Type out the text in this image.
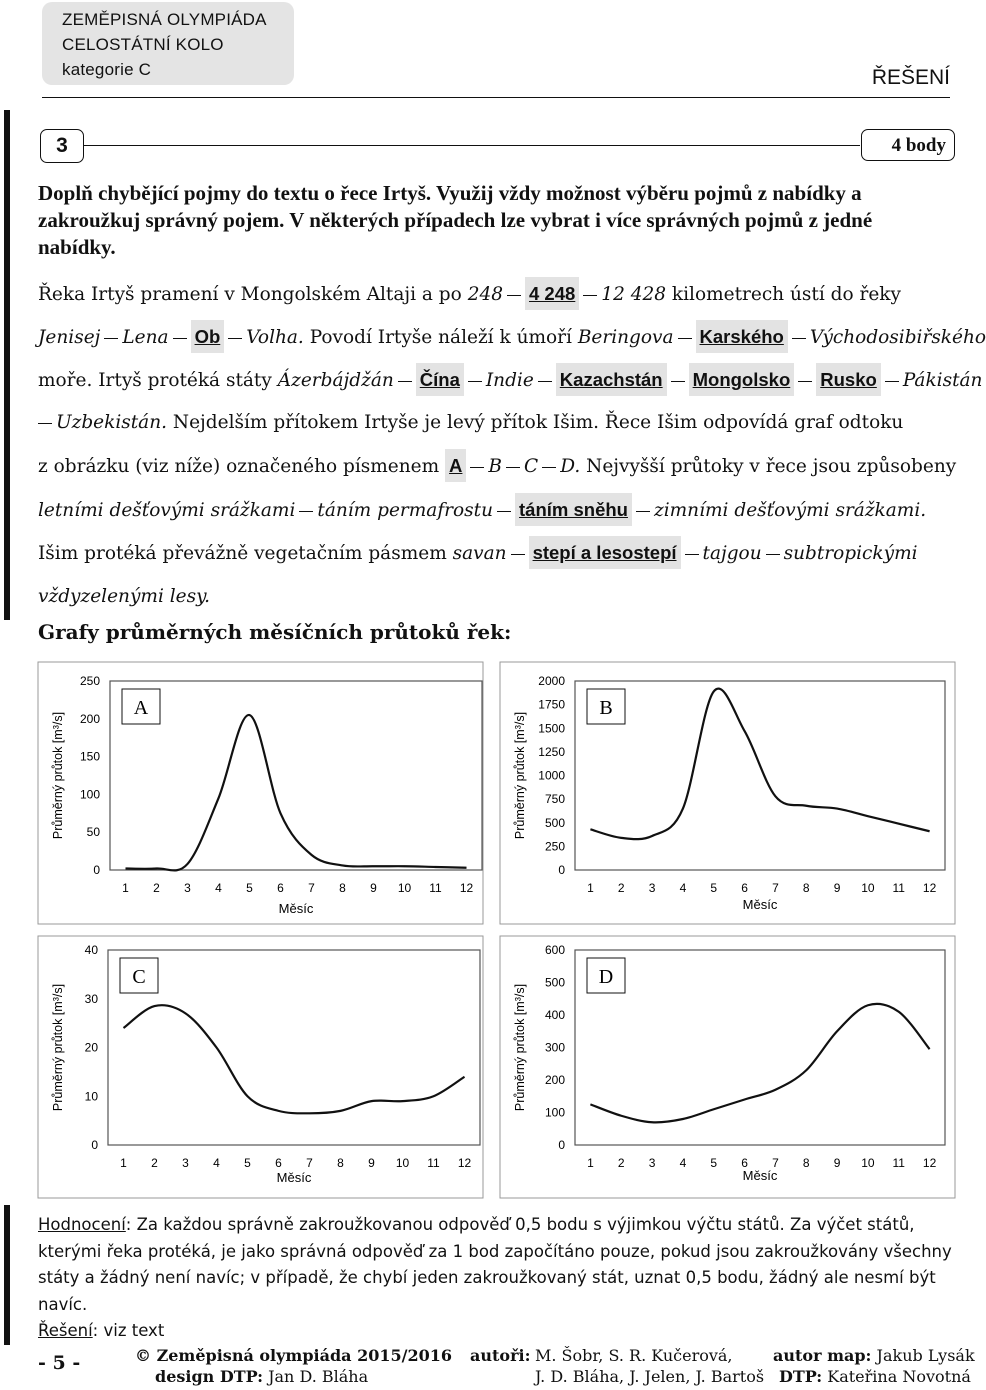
ZEMĚPISNÁ OLYMPIÁDA
CELOSTÁTNÍ KOLO
kategorie C	ŘEŠENÍ
3	4 body
Doplň chybějící pojmy do textu o řece Irtyš. Využij vždy možnost výběru pojmů z nabídky a zakroužkuj správný pojem. V některých případech lze vybrat i více správných pojmů z jedné nabídky.
Řeka Irtyš pramení v Mongolském Altaji a po 248 4 248 12 428 kilometrech ústí do řeky
Jenisej Lena Ob Volha. Povodí Irtyše náleží k úmoří Beringova Karského Východosibiřského
moře. Irtyš protéká státy Ázerbájdžán Čína Indie Kazachstán Mongolsko Rusko Pákistán
Uzbekistán. Nejdelším přítokem Irtyše je levý přítok Išim. Řece Išim odpovídá graf odtoku
z obrázku (viz níže) označeného písmenem A B C D. Nejvyšší průtoky v řece jsou způsobeny
letními dešťovými srážkami táním permafrostu táním sněhu zimními dešťovými srážkami.
Išim protéká převážně vegetačním pásmem savan stepí a lesostepí tajgou subtropickými
vždyzelenými lesy.
Grafy průměrných měsíčních průtoků řek:
0
50
100
150
200
250
1 2 3 4 5 6 7 8 9 10 11 12
Měsíc
Průměrný průtok [m³/s]
A
0
250
500
750
1000
1250
1500
1750
2000
1 2 3 4 5 6 7 8 9 10 11 12
Měsíc
Průměrný průtok [m³/s]
B
0
10
20
30
40
1 2 3 4 5 6 7 8 9 10 11 12
Měsíc
Průměrný průtok [m³/s]
C
0
100
200
300
400
500
600
1 2 3 4 5 6 7 8 9 10 11 12
Měsíc
Průměrný průtok [m³/s]
D
Hodnocení: Za každou správně zakroužkovanou odpověď 0,5 bodu s výjimkou výčtu států. Za výčet států, kterými řeka protéká, je jako správná odpověď za 1 bod započítáno pouze, pokud jsou zakroužkovány všechny státy a žádný není navíc; v případě, že chybí jeden zakroužkovaný stát, uznat 0,5 bodu, žádný ale nesmí být navíc.
Řešení: viz text
- 5 -	© Zeměpisná olympiáda 2015/2016
design DTP: Jan D. Bláha
autoři: M. Šobr, S. R. Kučerová,
J. D. Bláha, J. Jelen, J. Bartoš
autor map: Jakub Lysák
DTP: Kateřina Novotná
